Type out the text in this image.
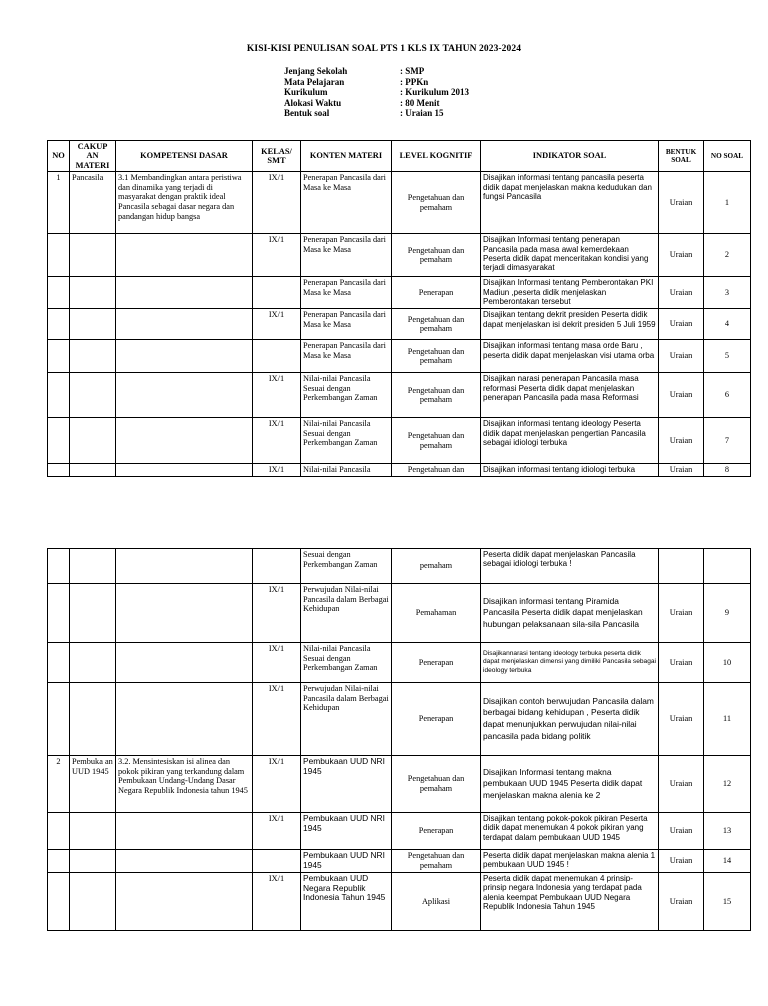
KISI-KISI PENULISAN SOAL PTS 1 KLS IX TAHUN 2023-2024
Jenjang Sekolah	: SMP
Mata Pelajaran	: PPKn
Kurikulum	: Kurikulum 2013
Alokasi Waktu	: 80 Menit
Bentuk soal	: Uraian 15
NO	CAKUP AN MATERI	KOMPETENSI DASAR	KELAS/ SMT	KONTEN MATERI	LEVEL KOGNITIF	INDIKATOR SOAL	BENTUK SOAL	NO SOAL
1	Pancasila	3.1 Membandingkan antara peristiwa dan dinamika yang terjadi di masyarakat dengan praktik ideal Pancasila sebagai dasar negara dan pandangan hidup bangsa	IX/1	Penerapan Pancasila dari Masa ke Masa	Pengetahuan dan pemaham	Disajikan informasi tentang pancasila peserta didik dapat menjelaskan makna kedudukan dan fungsi Pancasila	Uraian	1
			IX/1	Penerapan Pancasila dari Masa ke Masa	Pengetahuan dan pemaham	Disajikan Informasi tentang penerapan Pancasila pada masa awal kemerdekaan Peserta didik dapat menceritakan kondisi yang terjadi dimasyarakat	Uraian	2
				Penerapan Pancasila dari Masa ke Masa	Penerapan	Disajikan Informasi tentang Pemberontakan PKI Madiun ,peserta didik menjelaskan Pemberontakan tersebut	Uraian	3
			IX/1	Penerapan Pancasila dari Masa ke Masa	Pengetahuan dan pemaham	Disajikan tentang dekrit presiden Peserta didik dapat menjelaskan isi dekrit presiden 5 Juli 1959	Uraian	4
				Penerapan Pancasila dari Masa ke Masa	Pengetahuan dan pemaham	Disajikan informasi tentang masa orde Baru , peserta didik dapat menjelaskan visi utama orba	Uraian	5
			IX/1	Nilai-nilai Pancasila Sesuai dengan Perkembangan Zaman	Pengetahuan dan pemaham	Disajikan narasi penerapan Pancasila masa reformasi Peserta didik dapat menjelaskan penerapan Pancasila pada masa Reformasi	Uraian	6
			IX/1	Nilai-nilai Pancasila Sesuai dengan Perkembangan Zaman	Pengetahuan dan pemaham	Disajikan informasi tentang ideology Peserta didik dapat menjelaskan pengertian Pancasila sebagai idiologi terbuka	Uraian	7
			IX/1	Nilai-nilai Pancasila	Pengetahuan dan	Disajikan informasi tentang idiologi terbuka	Uraian	8
				Sesuai dengan Perkembangan Zaman	pemaham	Peserta didik dapat menjelaskan Pancasila sebagai idiologi terbuka !		
			IX/1	Perwujudan Nilai-nilai Pancasila dalam Berbagai Kehidupan	Pemahaman	Disajikan informasi tentang Piramida Pancasila Peserta didik dapat menjelaskan hubungan pelaksanaan sila-sila Pancasila	Uraian	9
			IX/1	Nilai-nilai Pancasila Sesuai dengan Perkembangan Zaman	Penerapan	Disajikannarasi tentang ideology terbuka peserta didik dapat menjelaskan dimensi yang dimiliki Pancasila sebagai ideology terbuka	Uraian	10
			IX/1	Perwujudan Nilai-nilai Pancasila dalam Berbagai Kehidupan	Penerapan	Disajikan contoh berwujudan Pancasila dalam berbagai bidang kehidupan , Peserta didik dapat menunjukkan perwujudan nilai-nilai pancasila pada bidang politik	Uraian	11
2	Pembuka an UUD 1945	3.2. Mensintesiskan isi alinea dan pokok pikiran yang terkandung dalam Pembukaan Undang-Undang Dasar Negara Republik Indonesia tahun 1945	IX/1	Pembukaan UUD NRI 1945	Pengetahuan dan pemaham	Disajikan Informasi tentang makna pembukaan UUD 1945 Peserta didik dapat menjelaskan makna alenia ke 2	Uraian	12
			IX/1	Pembukaan UUD NRI 1945	Penerapan	Disajikan tentang pokok-pokok pikiran Peserta didik dapat menemukan 4 pokok pikiran yang terdapat dalam pembukaan UUD 1945	Uraian	13
				Pembukaan UUD NRI 1945	Pengetahuan dan pemaham	Peserta didik dapat menjelaskan makna alenia 1 pembukaan UUD 1945 !	Uraian	14
			IX/1	Pembukaan UUD Negara Republik Indonesia Tahun 1945	Aplikasi	Peserta didik dapat menemukan 4 prinsip-prinsip negara Indonesia yang terdapat pada alenia keempat Pembukaan UUD Negara Republik Indonesia Tahun 1945	Uraian	15
